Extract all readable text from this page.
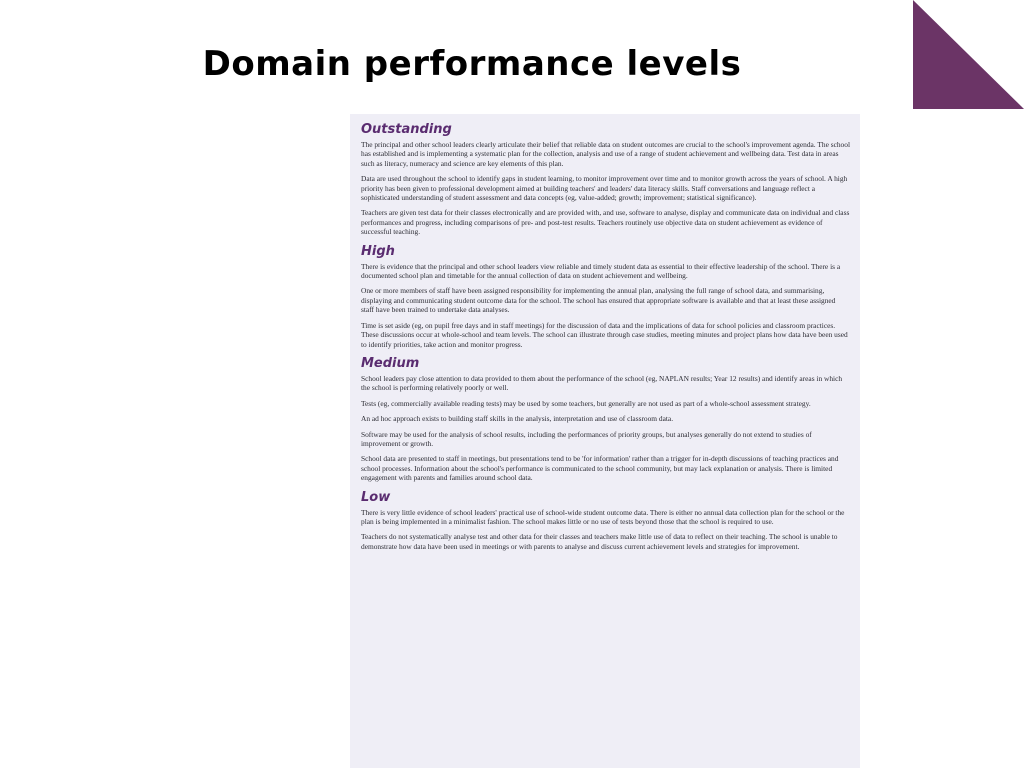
Domain performance levels
Outstanding

The principal and other school leaders clearly articulate their belief that reliable data on student outcomes are crucial to the school's improvement agenda. The school has established and is implementing a systematic plan for the collection, analysis and use of a range of student achievement and wellbeing data. Test data in areas such as literacy, numeracy and science are key elements of this plan.

Data are used throughout the school to identify gaps in student learning, to monitor improvement over time and to monitor growth across the years of school. A high priority has been given to professional development aimed at building teachers' and leaders' data literacy skills. Staff conversations and language reflect a sophisticated understanding of student assessment and data concepts (eg, value-added; growth; improvement; statistical significance).

Teachers are given test data for their classes electronically and are provided with, and use, software to analyse, display and communicate data on individual and class performances and progress, including comparisons of pre- and post-test results. Teachers routinely use objective data on student achievement as evidence of successful teaching.

High

There is evidence that the principal and other school leaders view reliable and timely student data as essential to their effective leadership of the school. There is a documented school plan and timetable for the annual collection of data on student achievement and wellbeing.

One or more members of staff have been assigned responsibility for implementing the annual plan, analysing the full range of school data, and summarising, displaying and communicating student outcome data for the school. The school has ensured that appropriate software is available and that at least these assigned staff have been trained to undertake data analyses.

Time is set aside (eg, on pupil free days and in staff meetings) for the discussion of data and the implications of data for school policies and classroom practices. These discussions occur at whole-school and team levels. The school can illustrate through case studies, meeting minutes and project plans how data have been used to identify priorities, take action and monitor progress.

Medium

School leaders pay close attention to data provided to them about the performance of the school (eg, NAPLAN results; Year 12 results) and identify areas in which the school is performing relatively poorly or well.

Tests (eg, commercially available reading tests) may be used by some teachers, but generally are not used as part of a whole-school assessment strategy.

An ad hoc approach exists to building staff skills in the analysis, interpretation and use of classroom data.

Software may be used for the analysis of school results, including the performances of priority groups, but analyses generally do not extend to studies of improvement or growth.

School data are presented to staff in meetings, but presentations tend to be 'for information' rather than a trigger for in-depth discussions of teaching practices and school processes. Information about the school's performance is communicated to the school community, but may lack explanation or analysis. There is limited engagement with parents and families around school data.

Low

There is very little evidence of school leaders' practical use of school-wide student outcome data. There is either no annual data collection plan for the school or the plan is being implemented in a minimalist fashion. The school makes little or no use of tests beyond those that the school is required to use.

Teachers do not systematically analyse test and other data for their classes and teachers make little use of data to reflect on their teaching. The school is unable to demonstrate how data have been used in meetings or with parents to analyse and discuss current achievement levels and strategies for improvement.
